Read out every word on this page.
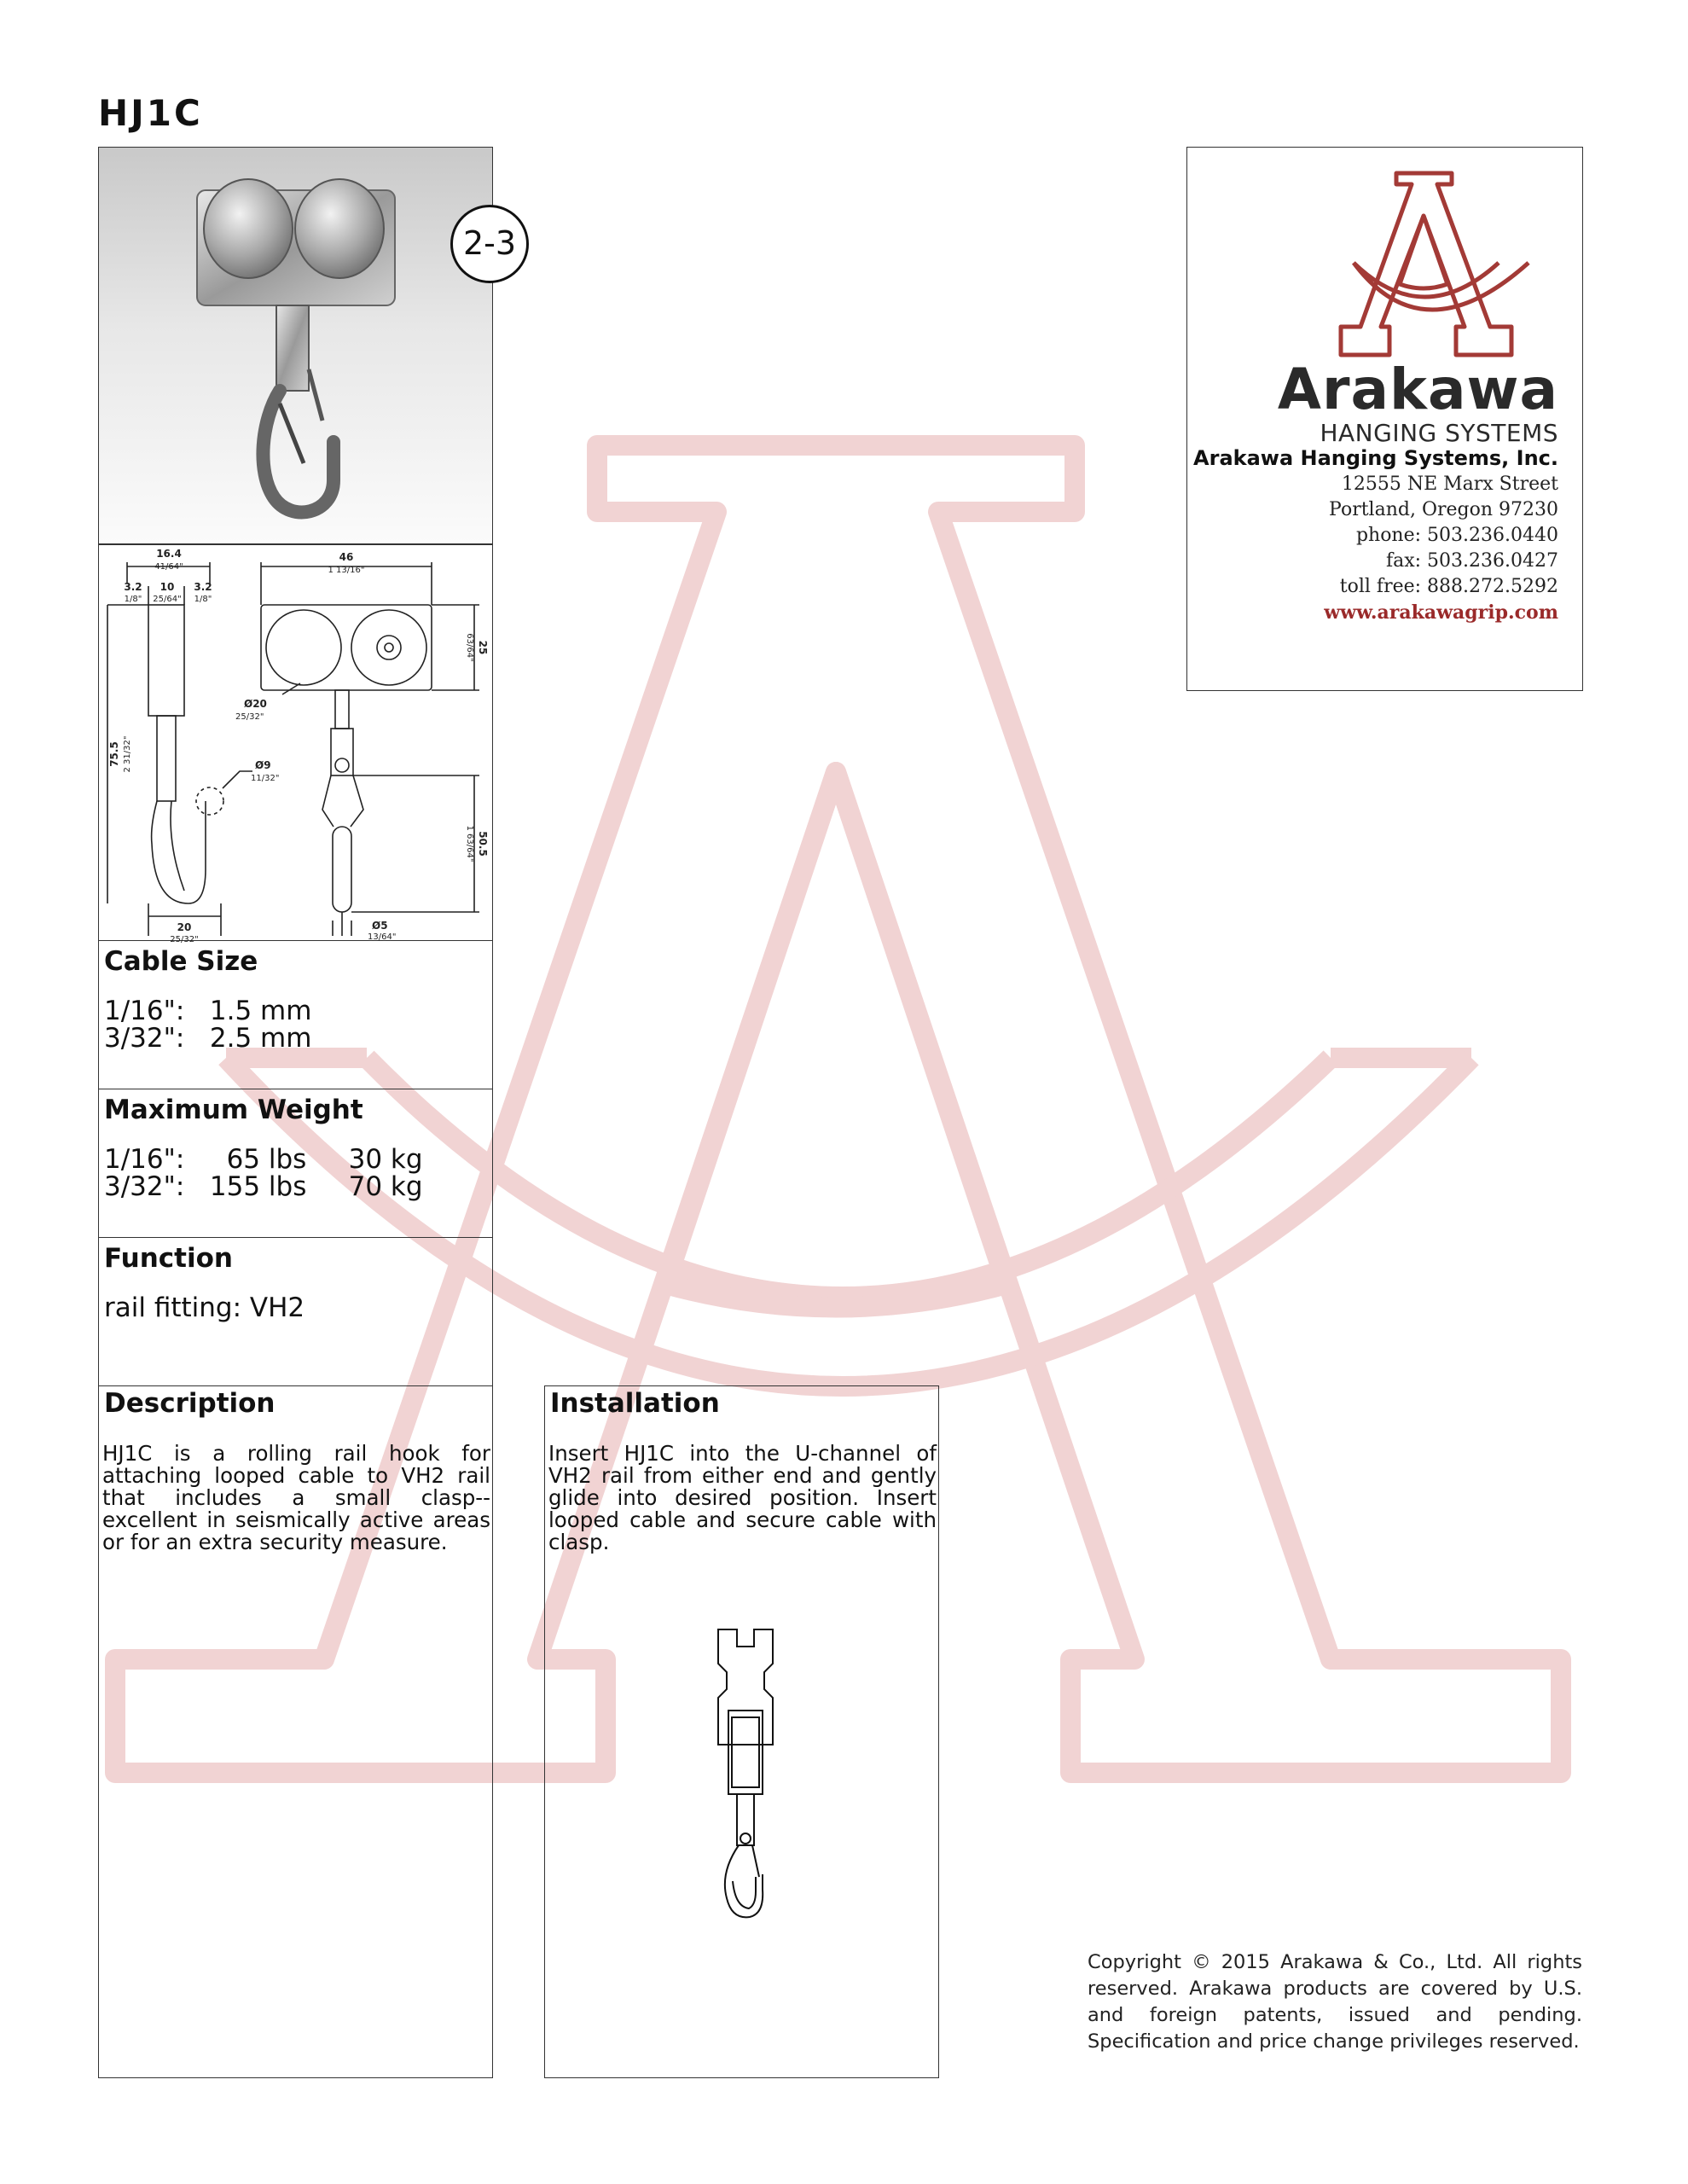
HJ1C
2-3
16.4
41/64"
3.2
1/8"
10
25/64"
3.2
1/8"
46
1 13/16"
Ø20
25/32"
Ø9
11/32"
20
25/32"
Ø5
13/64"
75.5 2 31/32"
25
63/64"
50.5
1 63/64"
Cable Size
1/16":   1.5 mm
3/32":   2.5 mm
Maximum Weight
1/16":     65 lbs     30 kg
3/32":   155 lbs     70 kg
Function
rail fitting: VH2
Description
HJ1C is a rolling rail hook for attaching looped cable to VH2 rail that includes a small clasp--excellent in seismically active areas or for an extra security measure.
Installation
Insert HJ1C into the U-channel of VH2 rail from either end and gently glide into desired position. Insert looped cable and secure cable with clasp.
Arakawa
HANGING SYSTEMS
Arakawa Hanging Systems, Inc.
12555 NE Marx Street
Portland, Oregon 97230
phone: 503.236.0440
fax: 503.236.0427
toll free: 888.272.5292
www.arakawagrip.com
Copyright © 2015 Arakawa & Co., Ltd. All rights reserved. Arakawa products are covered by U.S. and foreign patents, issued and pending. Specification and price change privileges reserved.
